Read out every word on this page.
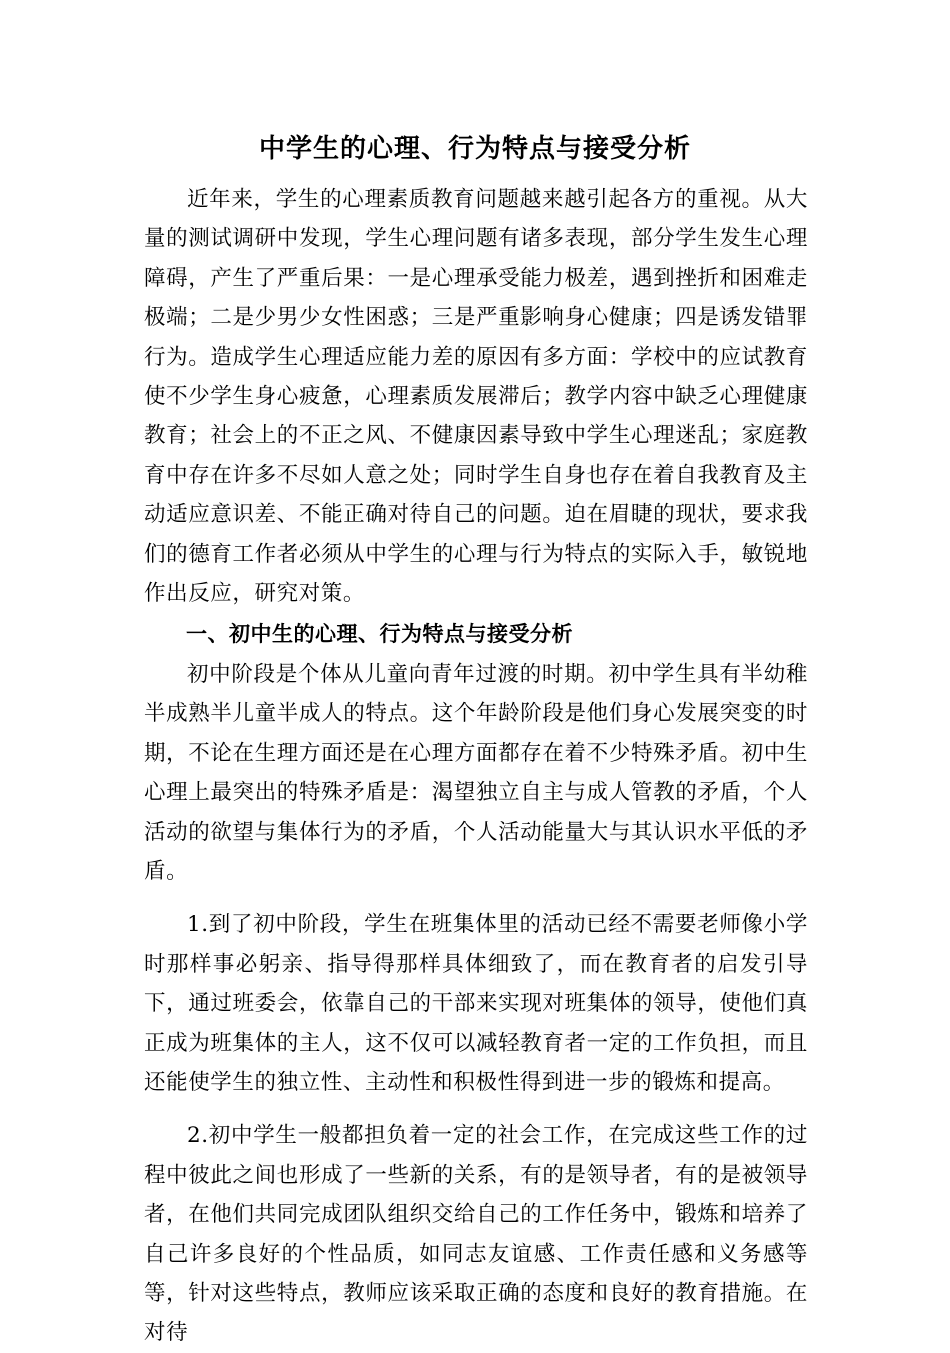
中学生的心理、行为特点与接受分析

近年来，学生的心理素质教育问题越来越引起各方的重视。从大量的测试调研中发现，学生心理问题有诸多表现，部分学生发生心理障碍，产生了严重后果：一是心理承受能力极差，遇到挫折和困难走极端；二是少男少女性困惑；三是严重影响身心健康；四是诱发错罪行为。造成学生心理适应能力差的原因有多方面：学校中的应试教育使不少学生身心疲惫，心理素质发展滞后；教学内容中缺乏心理健康教育；社会上的不正之风、不健康因素导致中学生心理迷乱；家庭教育中存在许多不尽如人意之处；同时学生自身也存在着自我教育及主动适应意识差、不能正确对待自己的问题。迫在眉睫的现状，要求我们的德育工作者必须从中学生的心理与行为特点的实际入手，敏锐地作出反应，研究对策。

一、初中生的心理、行为特点与接受分析

初中阶段是个体从儿童向青年过渡的时期。初中学生具有半幼稚半成熟半儿童半成人的特点。这个年龄阶段是他们身心发展突变的时期，不论在生理方面还是在心理方面都存在着不少特殊矛盾。初中生心理上最突出的特殊矛盾是：渴望独立自主与成人管教的矛盾，个人活动的欲望与集体行为的矛盾，个人活动能量大与其认识水平低的矛盾。

1.到了初中阶段，学生在班集体里的活动已经不需要老师像小学时那样事必躬亲、指导得那样具体细致了，而在教育者的启发引导下，通过班委会，依靠自己的干部来实现对班集体的领导，使他们真正成为班集体的主人，这不仅可以减轻教育者一定的工作负担，而且还能使学生的独立性、主动性和积极性得到进一步的锻炼和提高。

2.初中学生一般都担负着一定的社会工作，在完成这些工作的过程中彼此之间也形成了一些新的关系，有的是领导者，有的是被领导者，在他们共同完成团队组织交给自己的工作任务中，锻炼和培养了自己许多良好的个性品质，如同志友谊感、工作责任感和义务感等等，针对这些特点，教师应该采取正确的态度和良好的教育措施。在对待
